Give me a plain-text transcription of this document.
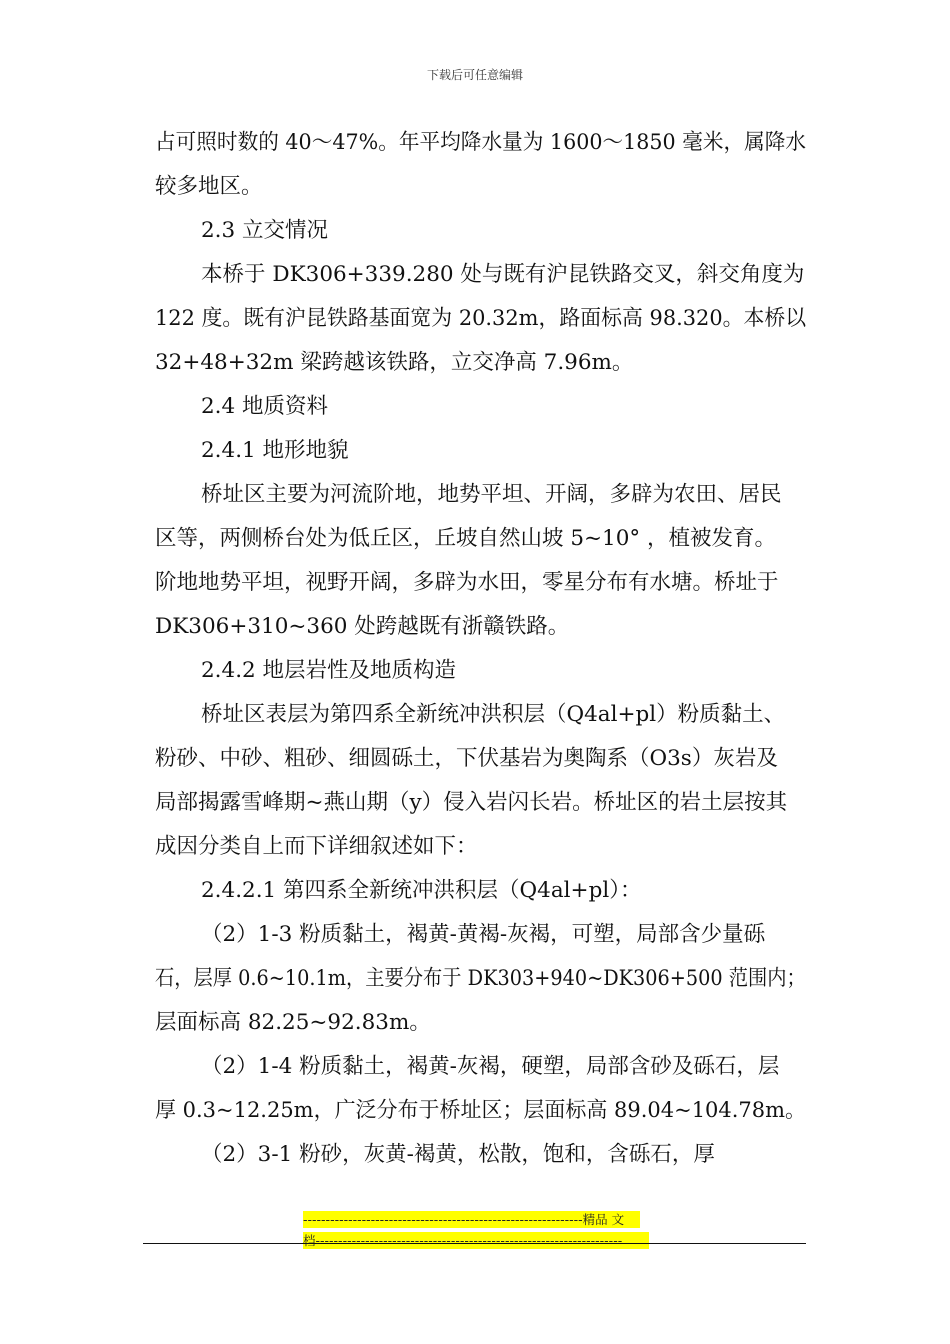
下载后可任意编辑
占可照时数的 40～47%。年平均降水量为 1600～1850 毫米，属降水
较多地区。
2.3 立交情况
本桥于 DK306+339.280 处与既有沪昆铁路交叉，斜交角度为
122 度。既有沪昆铁路基面宽为 20.32m，路面标高 98.320。本桥以
32+48+32m 梁跨越该铁路，立交净高 7.96m。
2.4 地质资料
2.4.1 地形地貌
桥址区主要为河流阶地，地势平坦、开阔，多辟为农田、居民
区等，两侧桥台处为低丘区，丘坡自然山坡 5~10° ，植被发育。
阶地地势平坦，视野开阔，多辟为水田，零星分布有水塘。桥址于
DK306+310~360 处跨越既有浙赣铁路。
2.4.2 地层岩性及地质构造
桥址区表层为第四系全新统冲洪积层（Q4al+pl）粉质黏土、
粉砂、中砂、粗砂、细圆砾土，下伏基岩为奥陶系（O3s）灰岩及
局部揭露雪峰期~燕山期（y）侵入岩闪长岩。桥址区的岩土层按其
成因分类自上而下详细叙述如下：
2.4.2.1 第四系全新统冲洪积层（Q4al+pl）：
（2）1-3 粉质黏土，褐黄-黄褐-灰褐，可塑，局部含少量砾
石，层厚 0.6~10.1m，主要分布于 DK303+940~DK306+500 范围内；
层面标高 82.25~92.83m。
（2）1-4 粉质黏土，褐黄-灰褐，硬塑，局部含砂及砾石，层
厚 0.3~12.25m，广泛分布于桥址区；层面标高 89.04~104.78m。
（2）3-1 粉砂，灰黄-褐黄，松散，饱和，含砾石，厚
--------------------------------------------------------------精品 文 档--------------------------------------------------------------------
